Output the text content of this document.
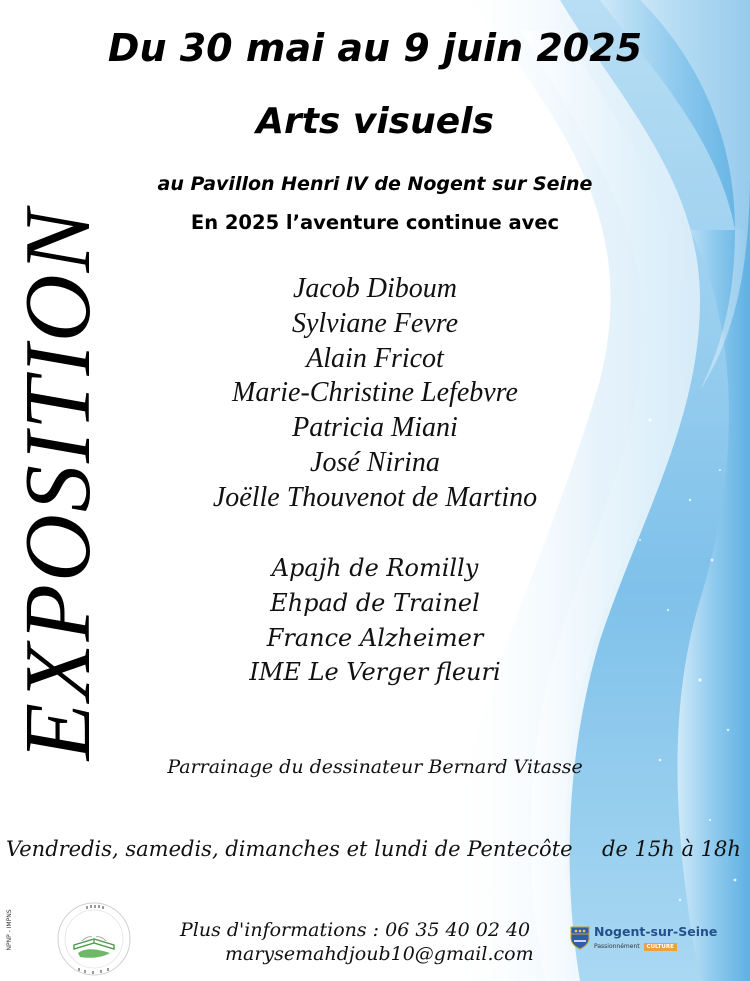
Du 30 mai au 9 juin 2025
Arts visuels
au Pavillon Henri IV de Nogent sur Seine
En 2025 l’aventure continue avec
Jacob Diboum
Sylviane Fevre
Alain Fricot
Marie-Christine Lefebvre
Patricia Miani
José Nirina
Joëlle Thouvenot de Martino
Apajh de Romilly
Ehpad de Trainel
France Alzheimer
IME Le Verger fleuri
EXPOSITION
Parrainage du dessinateur Bernard Vitasse
Vendredis, samedis, dimanches et lundi de Pentecôte de 15h à 18h
NPNP - IMPNS	Plus d'informations : 06 35 40 02 40
marysemahdjoub10@gmail.com
Nogent-sur-Seine
Passionnément CULTURE
